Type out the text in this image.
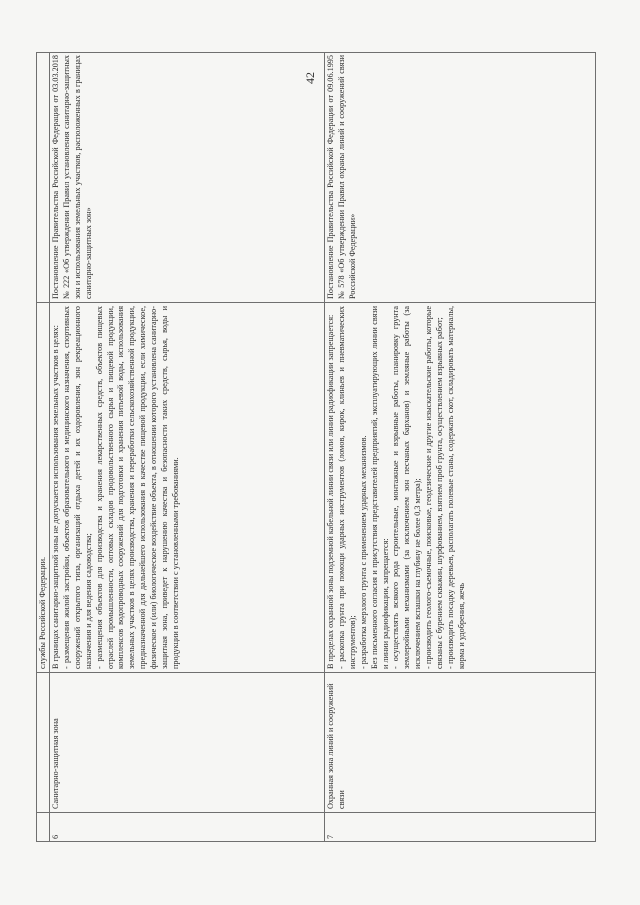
42
службы Российской Федерации.
6
Санитарно-защитная зона

В границах санитарно-защитной зоны не допускается использования земельных участков в целях: - размещения жилой застройки, объектов образовательного и медицинского назначения, спортивных сооружений открытого типа, организаций отдыха детей и их оздоровления, зон рекреационного назначения и для ведения садоводства; - размещения объектов для производства и хранения лекарственных средств, объектов пищевых отраслей промышленности, оптовых складов продовольственного сырья и пищевой продукции, комплексов водопроводных сооружений для подготовки и хранения питьевой воды, использования земельных участков в целях производства, хранения и переработки сельскохозяйственной продукции, предназначенной для дальнейшего использования в качестве пищевой продукции, если химическое, физическое и (или) биологическое воздействие объекта, в отношении которого установлена санитарно-защитная зона, приведет к нарушению качества и безопасности таких средств, сырья, воды и продукции в соответствии с установленными требованиями.

Постановление Правительства Российской Федерации от 03.03.2018 № 222 «Об утверждении Правил установления санитарно-защитных зон и использования земельных участков, расположенных в границах санитарно-защитных зон»
7
Охранная зона линий и сооружений связи

В пределах охранной зоны подземной кабельной линии связи или линии радиофикации запрещается: - раскопка грунта при помощи ударных инструментов (ломов, кирок, клиньев и пневматических инструментов); - разработка мерзлого грунта с применением ударных механизмов. Без письменного согласия и присутствия представителей предприятий, эксплуатирующих линии связи и линии радиофикации, запрещается: - осуществлять всякого рода строительные, монтажные и взрывные работы, планировку грунта землеройными механизмами (за исключением зон песчаных барханов) и земляные работы (за исключением вспашки на глубину не более 0,3 метра); - производить геолого-съемочные, поисковые, геодезические и другие изыскательские работы, которые связаны с бурением скважин, шурфованием, взятием проб грунта, осуществлением взрывных работ; - производить посадку деревьев, располагать полевые станы, содержать скот, складировать материалы, корма и удобрения, жечь

Постановление Правительства Российской Федерации от 09.06.1995 № 578 «Об утверждении Правил охраны линий и сооружений связи Российской Федерации»
